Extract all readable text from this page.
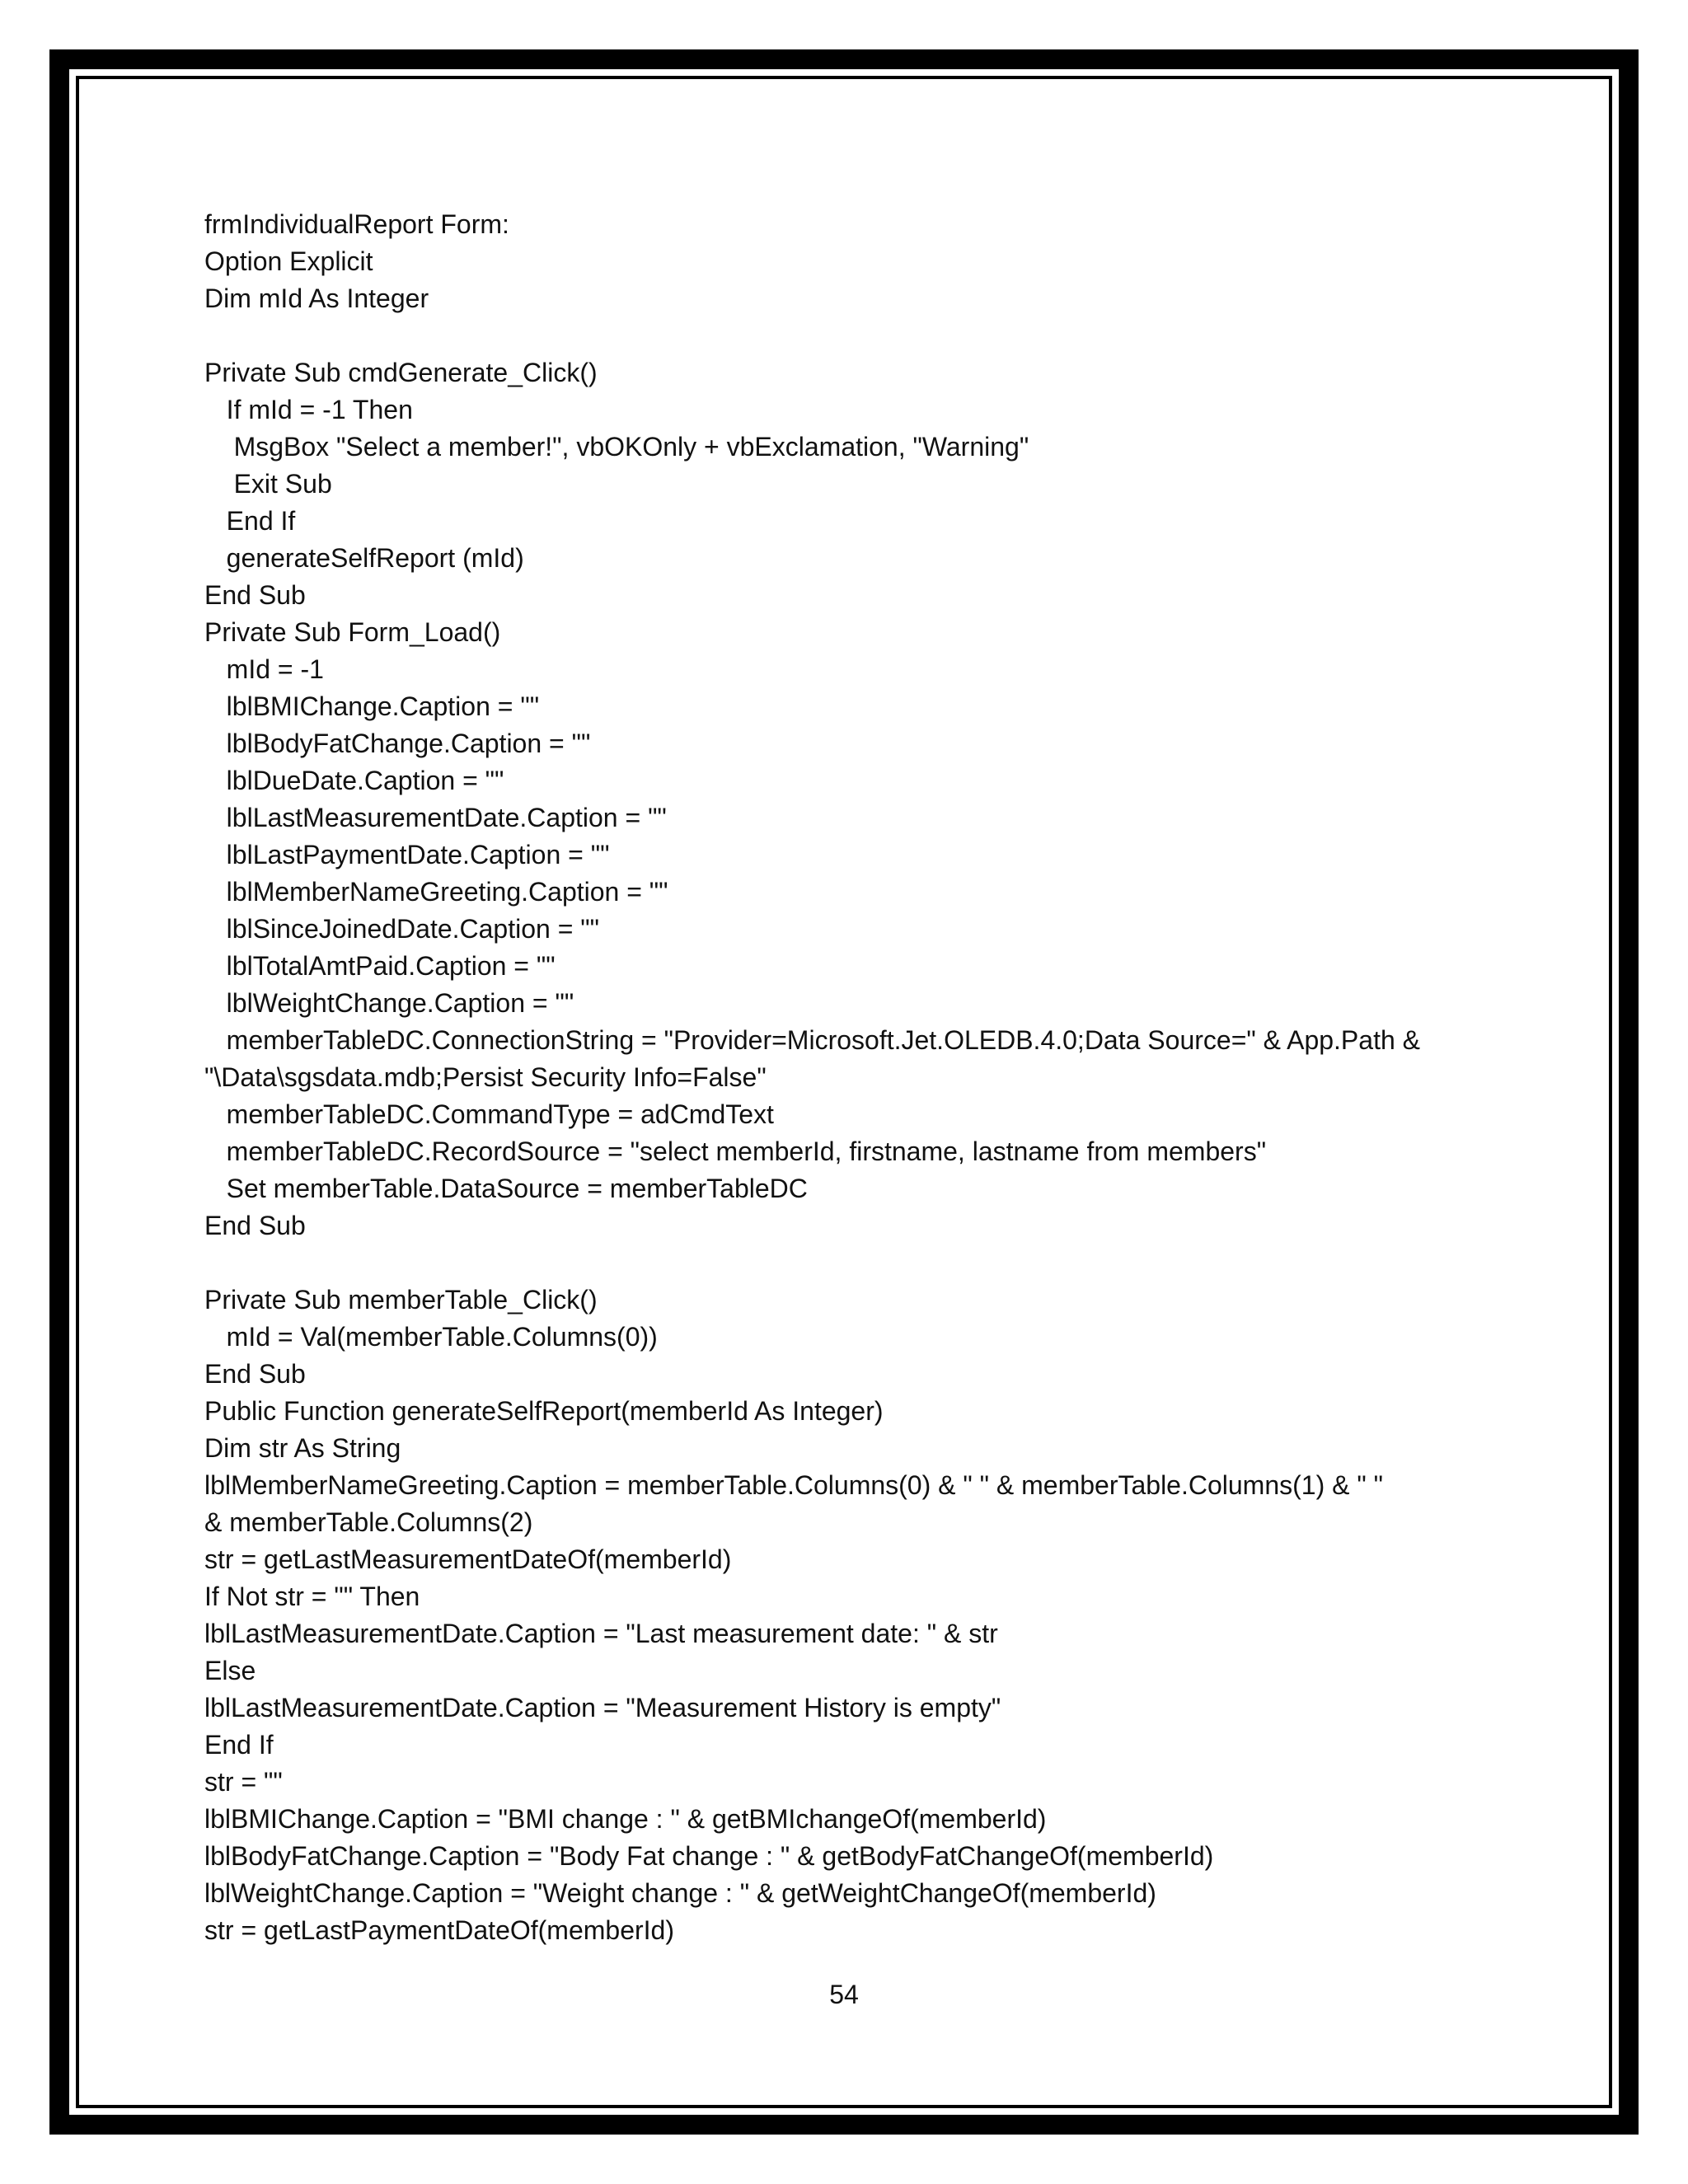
frmIndividualReport Form:
Option Explicit
Dim mId As Integer
Private Sub cmdGenerate_Click()
If mId = -1 Then
MsgBox "Select a member!", vbOKOnly + vbExclamation, "Warning"
Exit Sub
End If
generateSelfReport (mId)
End Sub
Private Sub Form_Load()
mId = -1
lblBMIChange.Caption = ""
lblBodyFatChange.Caption = ""
lblDueDate.Caption = ""
lblLastMeasurementDate.Caption = ""
lblLastPaymentDate.Caption = ""
lblMemberNameGreeting.Caption = ""
lblSinceJoinedDate.Caption = ""
lblTotalAmtPaid.Caption = ""
lblWeightChange.Caption = ""
memberTableDC.ConnectionString = "Provider=Microsoft.Jet.OLEDB.4.0;Data Source=" & App.Path &
"\Data\sgsdata.mdb;Persist Security Info=False"
memberTableDC.CommandType = adCmdText
memberTableDC.RecordSource = "select memberId, firstname, lastname from members"
Set memberTable.DataSource = memberTableDC
End Sub
Private Sub memberTable_Click()
mId = Val(memberTable.Columns(0))
End Sub
Public Function generateSelfReport(memberId As Integer)
Dim str As String
lblMemberNameGreeting.Caption = memberTable.Columns(0) & " " & memberTable.Columns(1) & " "
& memberTable.Columns(2)
str = getLastMeasurementDateOf(memberId)
If Not str = "" Then
lblLastMeasurementDate.Caption = "Last measurement date: " & str
Else
lblLastMeasurementDate.Caption = "Measurement History is empty"
End If
str = ""
lblBMIChange.Caption = "BMI change : " & getBMIchangeOf(memberId)
lblBodyFatChange.Caption = "Body Fat change : " & getBodyFatChangeOf(memberId)
lblWeightChange.Caption = "Weight change : " & getWeightChangeOf(memberId)
str = getLastPaymentDateOf(memberId)
54
